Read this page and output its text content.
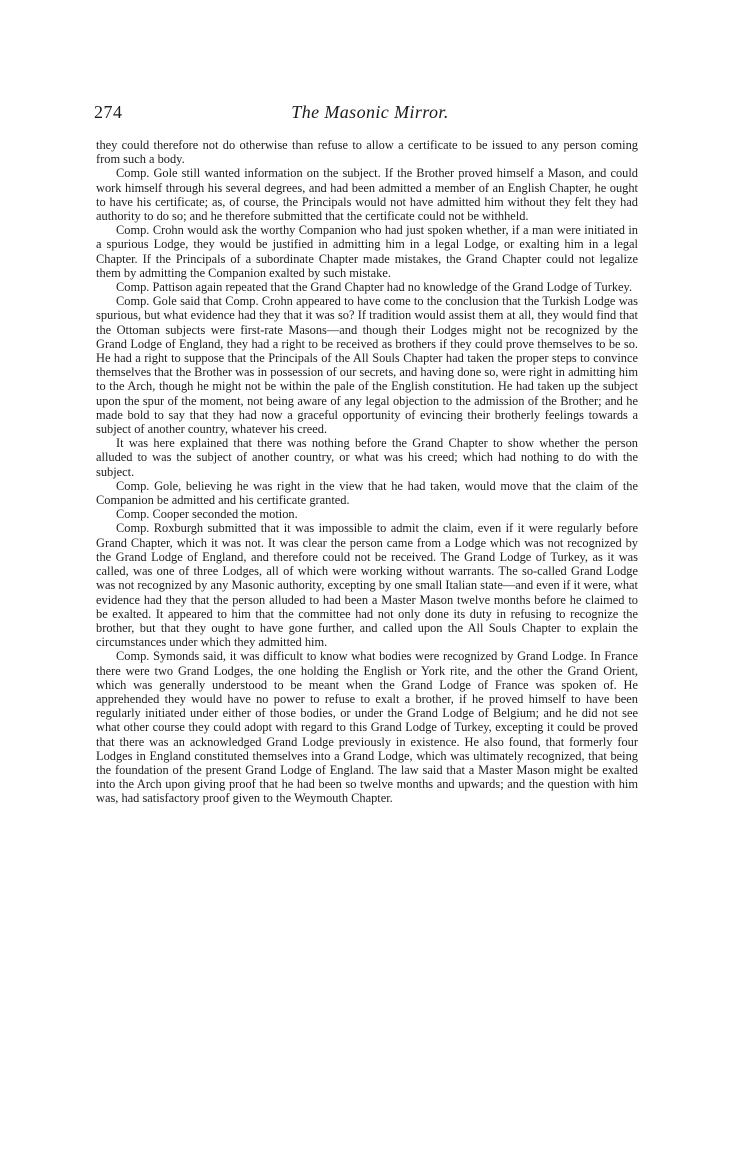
274	The Masonic Mirror.

they could therefore not do otherwise than refuse to allow a certificate to be issued to any person coming from such a body.

Comp. Gole still wanted information on the subject. If the Brother proved himself a Mason, and could work himself through his several degrees, and had been admitted a member of an English Chapter, he ought to have his certificate; as, of course, the Principals would not have admitted him without they felt they had authority to do so; and he therefore submitted that the certificate could not be withheld.

Comp. Crohn would ask the worthy Companion who had just spoken whether, if a man were initiated in a spurious Lodge, they would be justified in admitting him in a legal Lodge, or exalting him in a legal Chapter. If the Principals of a subordinate Chapter made mistakes, the Grand Chapter could not legalize them by admitting the Companion exalted by such mistake.

Comp. Pattison again repeated that the Grand Chapter had no knowledge of the Grand Lodge of Turkey.

Comp. Gole said that Comp. Crohn appeared to have come to the conclusion that the Turkish Lodge was spurious, but what evidence had they that it was so? If tradition would assist them at all, they would find that the Ottoman subjects were first-rate Masons—and though their Lodges might not be recognized by the Grand Lodge of England, they had a right to be received as brothers if they could prove themselves to be so. He had a right to suppose that the Principals of the All Souls Chapter had taken the proper steps to convince themselves that the Brother was in possession of our secrets, and having done so, were right in admitting him to the Arch, though he might not be within the pale of the English constitution. He had taken up the subject upon the spur of the moment, not being aware of any legal objection to the admission of the Brother; and he made bold to say that they had now a graceful opportunity of evincing their brotherly feelings towards a subject of another country, whatever his creed.

It was here explained that there was nothing before the Grand Chapter to show whether the person alluded to was the subject of another country, or what was his creed; which had nothing to do with the subject.

Comp. Gole, believing he was right in the view that he had taken, would move that the claim of the Companion be admitted and his certificate granted.

Comp. Cooper seconded the motion.

Comp. Roxburgh submitted that it was impossible to admit the claim, even if it were regularly before Grand Chapter, which it was not. It was clear the person came from a Lodge which was not recognized by the Grand Lodge of England, and therefore could not be received. The Grand Lodge of Turkey, as it was called, was one of three Lodges, all of which were working without warrants. The so-called Grand Lodge was not recognized by any Masonic authority, excepting by one small Italian state—and even if it were, what evidence had they that the person alluded to had been a Master Mason twelve months before he claimed to be exalted. It appeared to him that the committee had not only done its duty in refusing to recognize the brother, but that they ought to have gone further, and called upon the All Souls Chapter to explain the circumstances under which they admitted him.

Comp. Symonds said, it was difficult to know what bodies were recognized by Grand Lodge. In France there were two Grand Lodges, the one holding the English or York rite, and the other the Grand Orient, which was generally understood to be meant when the Grand Lodge of France was spoken of. He apprehended they would have no power to refuse to exalt a brother, if he proved himself to have been regularly initiated under either of those bodies, or under the Grand Lodge of Belgium; and he did not see what other course they could adopt with regard to this Grand Lodge of Turkey, excepting it could be proved that there was an acknowledged Grand Lodge previously in existence. He also found, that formerly four Lodges in England constituted themselves into a Grand Lodge, which was ultimately recognized, that being the foundation of the present Grand Lodge of England. The law said that a Master Mason might be exalted into the Arch upon giving proof that he had been so twelve months and upwards; and the question with him was, had satisfactory proof given to the Weymouth Chapter.
